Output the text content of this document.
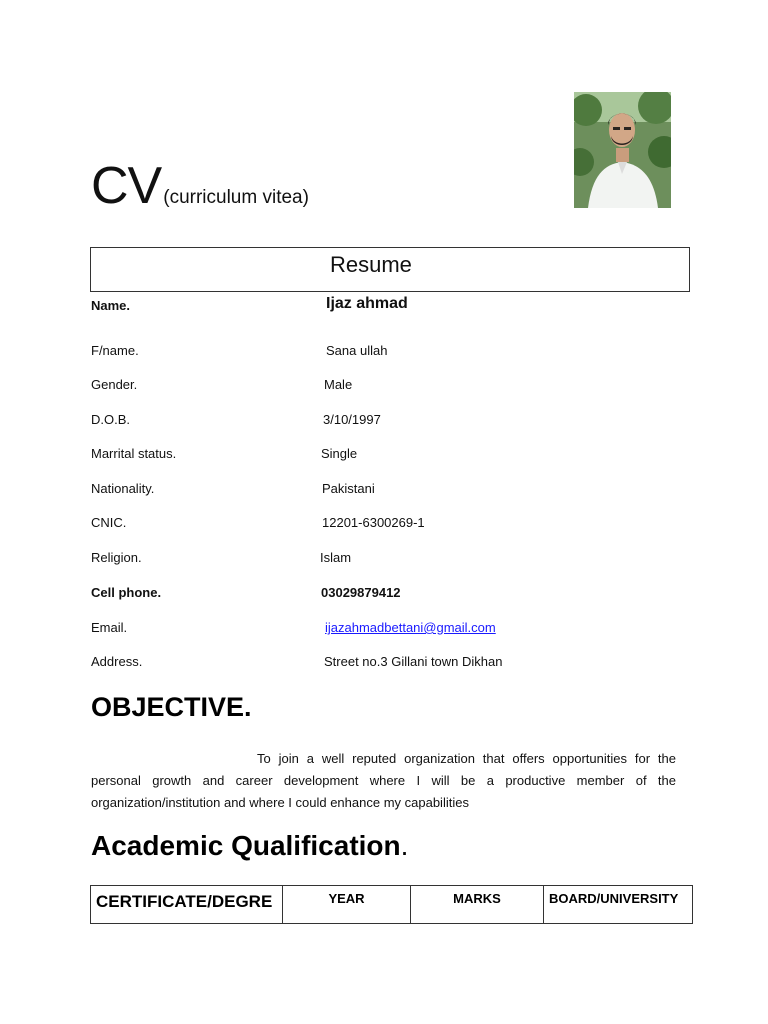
CV (curriculum vitea)
Resume
Name.	Ijaz ahmad
F/name.	Sana ullah
Gender.	Male
D.O.B.	3/10/1997
Marrital status.	Single
Nationality.	Pakistani
CNIC.	12201-6300269-1
Religion.	Islam
Cell phone.	03029879412
Email.	ijazahmadbettani@gmail.com
Address.	Street no.3 Gillani town Dikhan
OBJECTIVE.
To join a well reputed organization that offers opportunities for the personal growth and career development where I will be a productive member of the organization/institution and where I could enhance my capabilities
Academic Qualification.
CERTIFICATE/DEGRE	YEAR	MARKS	BOARD/UNIVERSITY
